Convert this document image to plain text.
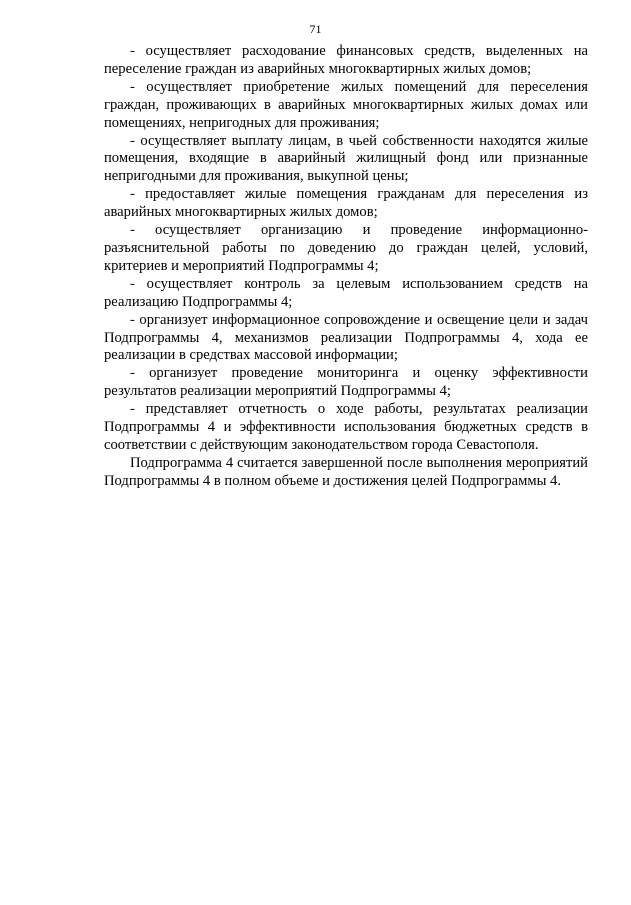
71

- осуществляет расходование финансовых средств, выделенных на переселение граждан из аварийных многоквартирных жилых домов;

- осуществляет приобретение жилых помещений для переселения граждан, проживающих в аварийных многоквартирных жилых домах или помещениях, непригодных для проживания;

- осуществляет выплату лицам, в чьей собственности находятся жилые помещения, входящие в аварийный жилищный фонд или признанные непригодными для проживания, выкупной цены;

- предоставляет жилые помещения гражданам для переселения из аварийных многоквартирных жилых домов;

- осуществляет организацию и проведение информационно-разъяснительной работы по доведению до граждан целей, условий, критериев и мероприятий Подпрограммы 4;

- осуществляет контроль за целевым использованием средств на реализацию Подпрограммы 4;

- организует информационное сопровождение и освещение цели и задач Подпрограммы 4, механизмов реализации Подпрограммы 4, хода ее реализации в средствах массовой информации;

- организует проведение мониторинга и оценку эффективности результатов реализации мероприятий Подпрограммы 4;

- представляет отчетность о ходе работы, результатах реализации Подпрограммы 4 и эффективности использования бюджетных средств в соответствии с действующим законодательством города Севастополя.

Подпрограмма 4 считается завершенной после выполнения мероприятий Подпрограммы 4 в полном объеме и достижения целей Подпрограммы 4.
